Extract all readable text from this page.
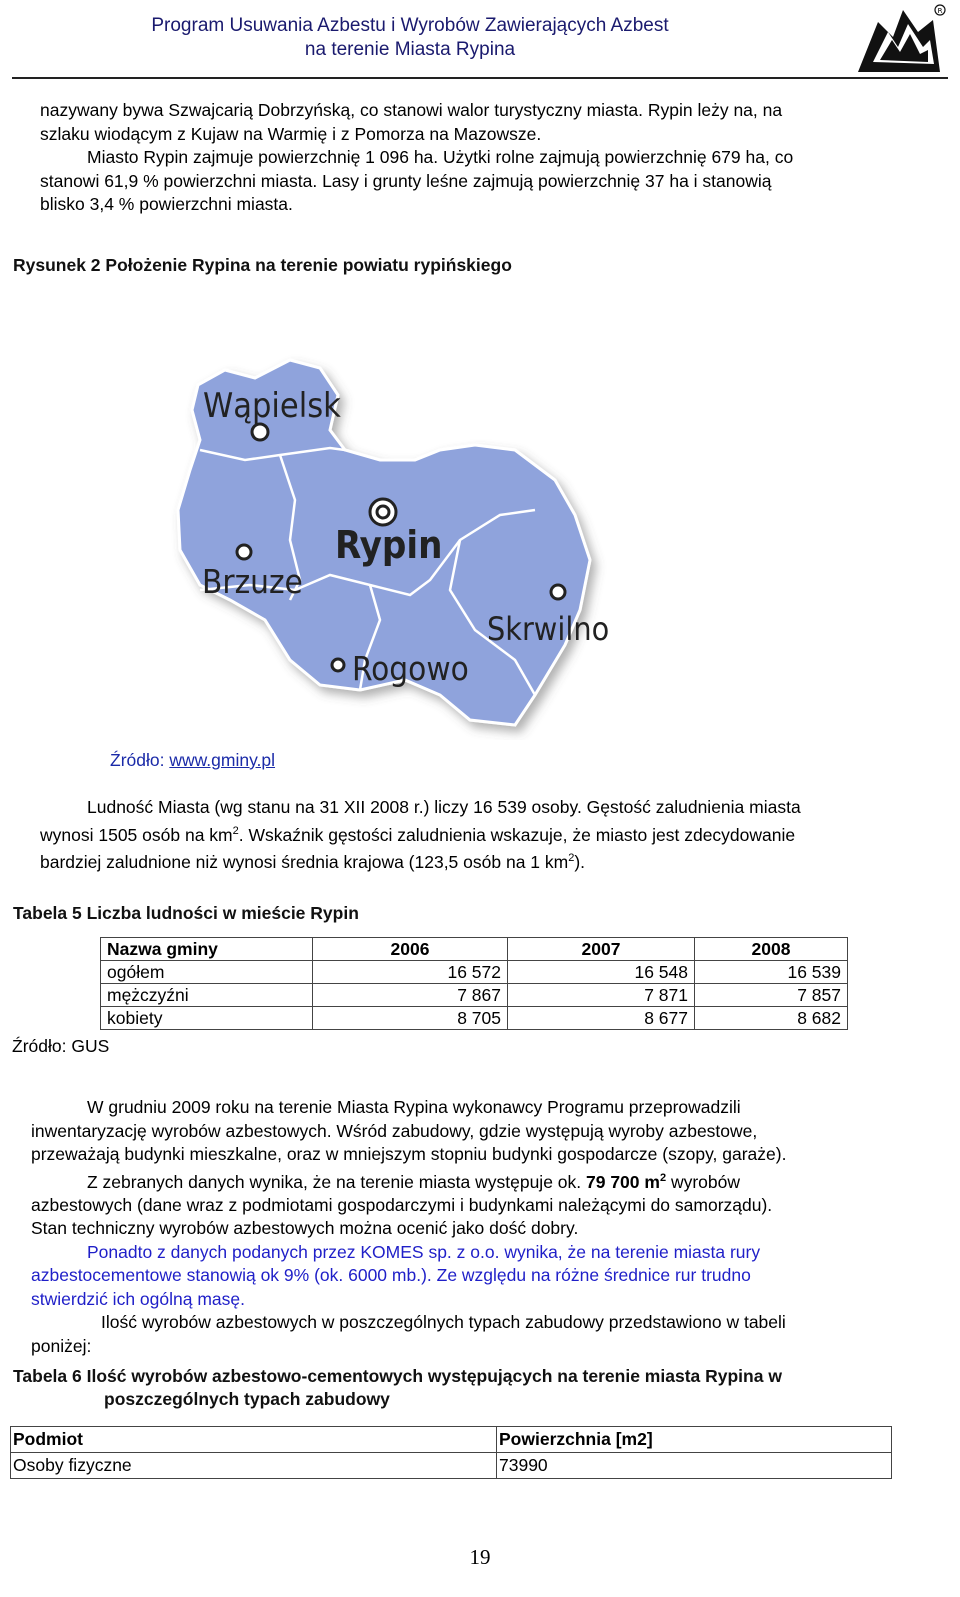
Program Usuwania Azbestu i Wyrobów Zawierających Azbest
na terenie Miasta Rypina
R
nazywany bywa Szwajcarią Dobrzyńską, co stanowi walor turystyczny miasta. Rypin leży na, na
szlaku wiodącym z Kujaw na Warmię i z Pomorza na Mazowsze.
Miasto Rypin zajmuje powierzchnię 1 096 ha. Użytki rolne zajmują powierzchnię 679 ha, co
stanowi 61,9 % powierzchni miasta. Lasy i grunty leśne zajmują powierzchnię 37 ha i stanowią
blisko 3,4 % powierzchni miasta.
Rysunek 2 Położenie Rypina na terenie powiatu rypińskiego
Wąpielsk
Rypin
Brzuze
Skrwilno
Rogowo
Źródło: www.gminy.pl
Ludność Miasta (wg stanu na 31 XII 2008 r.) liczy 16 539 osoby. Gęstość zaludnienia miasta
wynosi 1505 osób na $km^2$. Wskaźnik gęstości zaludnienia wskazuje, że miasto jest zdecydowanie
bardziej zaludnione niż wynosi średnia krajowa (123,5 osób na 1 $km^2$).
Tabela 5 Liczba ludności w mieście Rypin
Nazwa gminy	2006	2007	2008
ogółem	16 572	16 548	16 539
mężczyźni	7 867	7 871	7 857
kobiety	8 705	8 677	8 682
Źródło: GUS
W grudniu 2009 roku na terenie Miasta Rypina wykonawcy Programu przeprowadzili
inwentaryzację wyrobów azbestowych. Wśród zabudowy, gdzie występują wyroby azbestowe,
przeważają budynki mieszkalne, oraz w mniejszym stopniu budynki gospodarcze (szopy, garaże).
Z zebranych danych wynika, że na terenie miasta występuje ok. 79 700 $m^2$ wyrobów
azbestowych (dane wraz z podmiotami gospodarczymi i budynkami należącymi do samorządu).
Stan techniczny wyrobów azbestowych można ocenić jako dość dobry.
Ponadto z danych podanych przez KOMES sp. z o.o. wynika, że na terenie miasta rury
azbestocementowe stanowią ok 9% (ok. 6000 mb.). Ze względu na różne średnice rur trudno
stwierdzić ich ogólną masę.
Ilość wyrobów azbestowych w poszczególnych typach zabudowy przedstawiono w tabeli
poniżej:
Tabela 6 Ilość wyrobów azbestowo-cementowych występujących na terenie miasta Rypina w
poszczególnych typach zabudowy
Podmiot	Powierzchnia [m2]
Osoby fizyczne	73990
19
